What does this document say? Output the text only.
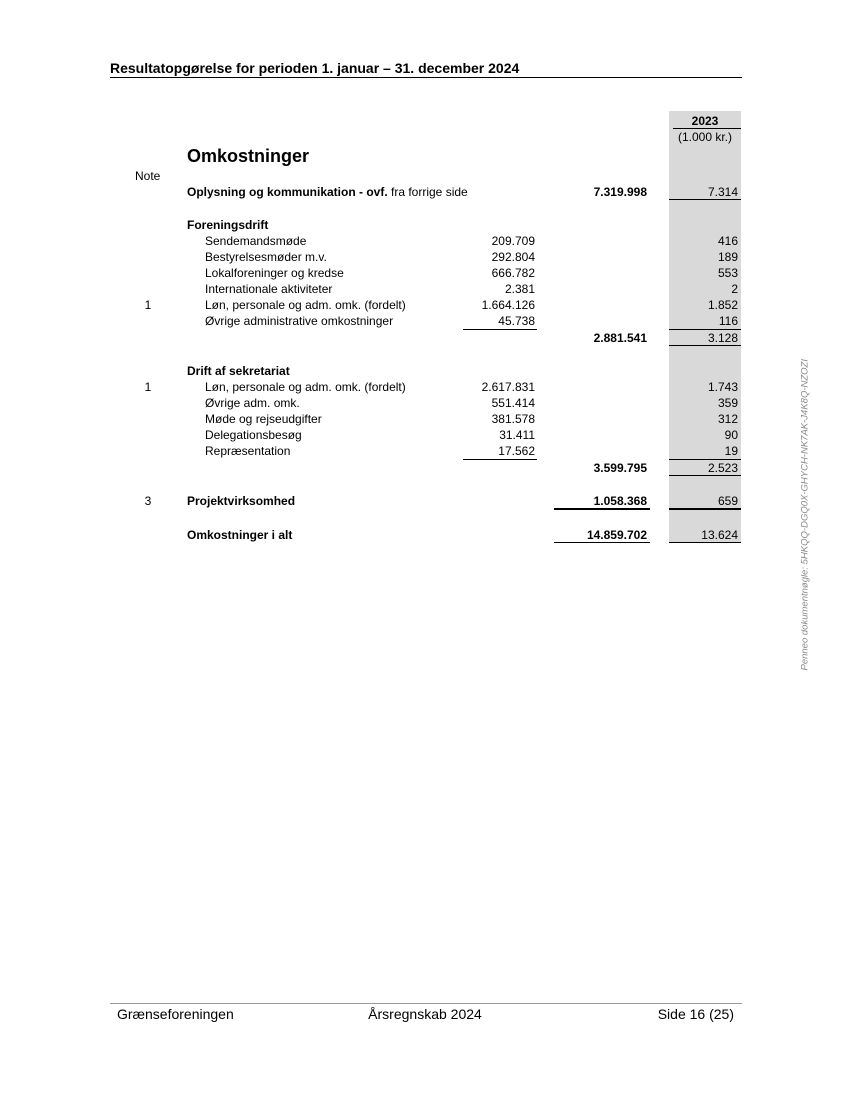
Resultatopgørelse for perioden 1. januar – 31. december 2024
2023
(1.000 kr.)
Omkostninger
Note
Oplysning og kommunikation - ovf. fra forrige side	7.319.998	7.314
Foreningsdrift
Sendemandsmøde	209.709	416
Bestyrelsesmøder m.v.	292.804	189
Lokalforeninger og kredse	666.782	553
Internationale aktiviteter	2.381	2
1	Løn, personale og adm. omk. (fordelt)	1.664.126	1.852
Øvrige administrative omkostninger	45.738	116
2.881.541	3.128
Drift af sekretariat
1	Løn, personale og adm. omk. (fordelt)	2.617.831	1.743
Øvrige adm. omk.	551.414	359
Møde og rejseudgifter	381.578	312
Delegationsbesøg	31.411	90
Repræsentation	17.562	19
3.599.795	2.523
3	Projektvirksomhed	1.058.368	659
Omkostninger i alt	14.859.702	13.624	Penneo dokumentnøgle: 5HKQQ-DGQ0X-GHYCH-NK7AK-J4K8Q-NZOZI
Grænseforeningen	Årsregnskab 2024	Side 16 (25)
